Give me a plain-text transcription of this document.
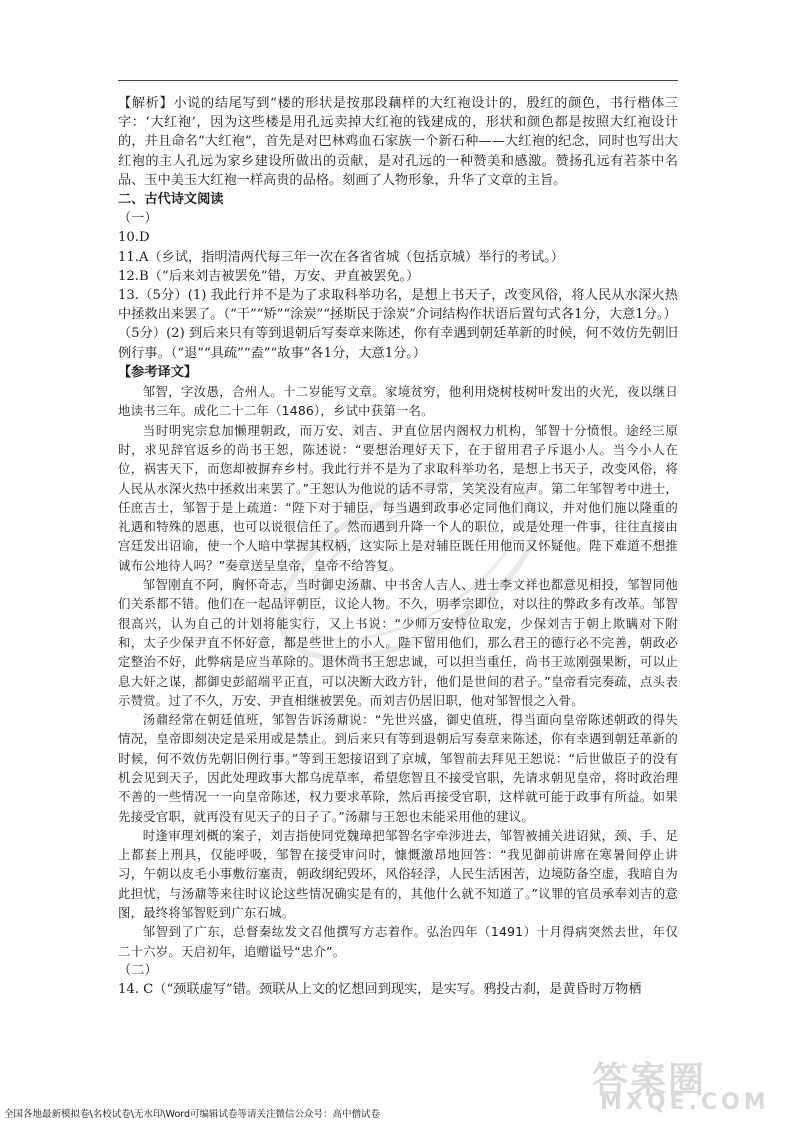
【解析】小说的结尾写到“楼的形状是按那段藕样的大红袍设计的，殷红的颜色，书行楷体三字：‘大红袍’，因为这些楼是用孔远卖掉大红袍的钱建成的，形状和颜色都是按照大红袍设计的，并且命名“大红袍”，首先是对巴林鸡血石家族一个新石种——大红袍的纪念，同时也写出大红袍的主人孔远为家乡建设所做出的贡献，是对孔远的一种赞美和感激。赞扬孔远有若茶中名品、玉中美玉大红袍一样高贵的品格。刻画了人物形象，升华了文章的主旨。

二、古代诗文阅读

（一）

10.D

11.A（乡试，指明清两代每三年一次在各省省城（包括京城）举行的考试。）

12.B（“后来刘吉被罢免”错，万安、尹直被罢免。）

13.（5分）(1) 我此行并不是为了求取科举功名，是想上书天子，改变风俗，将人民从水深火热中拯救出来罢了。（“干”“矫”“涂炭”“拯斯民于涂炭”介词结构作状语后置句式各1分，大意1分。）

（5分）(2) 到后来只有等到退朝后写奏章来陈述，你有幸遇到朝廷革新的时候，何不效仿先朝旧例行事。（“退”“具疏”“盍”“故事”各1分，大意1分。）

【参考译文】

邹智，字汝愚，合州人。十二岁能写文章。家境贫穷，他利用烧树枝树叶发出的火光，夜以继日地读书三年。成化二十二年（1486），乡试中获第一名。

当时明宪宗怠加懒理朝政，而万安、刘吉、尹直位居内阁权力机构，邹智十分愤恨。途经三原时，求见辞官返乡的尚书王恕，陈述说：“要想治理好天下，在于留用君子斥退小人。当今小人在位，祸害天下，而您却被摒弃乡村。我此行并不是为了求取科举功名，是想上书天子，改变风俗，将人民从水深火热中拯救出来罢了。”王恕认为他说的话不寻常，笑笑没有应声。第二年邹智考中进士，任庶吉士，邹智于是上疏道：“陛下对于辅臣，每当遇到政事必定同他们商议，并对他们施以隆重的礼遇和特殊的恩惠，也可以说很信任了。然而遇到升降一个人的职位，或是处理一件事，往往直接由宫廷发出诏谕，使一个人暗中掌握其权柄，这实际上是对辅臣既任用他而又怀疑他。陛下难道不想推诚布公地待人吗？”奏章送呈皇帝，皇帝不给答复。

邹智刚直不阿，胸怀奇志，当时御史汤鼐、中书舍人吉人、进士李文祥也都意见相投，邹智同他们关系都不错。他们在一起品评朝臣，议论人物。不久，明孝宗即位，对以往的弊政多有改革。邹智很高兴，认为自己的计划将能实行，又上书说：“少师万安恃位取宠，少保刘吉于朝上欺瞒对下附和，太子少保尹直不怀好意，都是些世上的小人。陛下留用他们，那么君王的德行必不完善，朝政必定整治不好，此弊病是应当革除的。退休尚书王恕忠诚，可以担当重任，尚书王竑刚强果断，可以止息大奸之谋，都御史彭韶端平正直，可以决断大政方针，他们是世间的君子。”皇帝看完奏疏，点头表示赞赏。过了不久，万安、尹直相继被罢免。而刘吉仍居旧职，他对邹智恨之入骨。

汤鼐经常在朝廷值班，邹智告诉汤鼐说：“先世兴盛，御史值班，得当面向皇帝陈述朝政的得失情况，皇帝即刻决定是采用或是禁止。到后来只有等到退朝后写奏章来陈述，你有幸遇到朝廷革新的时候，何不效仿先朝旧例行事。”等到王恕接诏到了京城，邹智前去拜见王恕说：“后世做臣子的没有机会见到天子，因此处理政事大都乌虎草率，希望您智且不接受官职，先请求朝见皇帝，将时政治理不善的一些情况一一向皇帝陈述，权力要求革除，然后再接受官职，这样就可能于政事有所益。如果先接受官职，就再没有见天子的日子了。”汤鼐与王恕也未能采用他的建议。

时逢审理刘概的案子，刘吉指使同党魏璋把邹智名字牵涉进去，邹智被捕关进诏狱，颈、手、足上都套上刑具，仅能呼吸，邹智在接受审问时，慷慨激昂地回答：“我见御前讲席在寒暑间停止讲习，午朝以皮毛小事敷衍塞责，朝政纲纪毁坏，风俗轻浮，人民生活困苦，边境防备空虚，我暗自为此担忧，与汤鼐等来往时议论这些情况确实是有的，其他什么就不知道了。”议罪的官员承奉刘吉的意图，最终将邹智贬到广东石城。

邹智到了广东，总督秦纮发文召他撰写方志着作。弘治四年（1491）十月得病突然去世，年仅二十六岁。天启初年，追赠谥号“忠介”。

（二）

14. C（“颈联虚写”错。颈联从上文的忆想回到现实，是实写。鸦投古刹，是黄昏时万物栖

答案圈
MXQE.COM
全国各地最新模拟卷\名校试卷\无水印\Word可编辑试卷等请关注微信公众号：高中僧试卷
